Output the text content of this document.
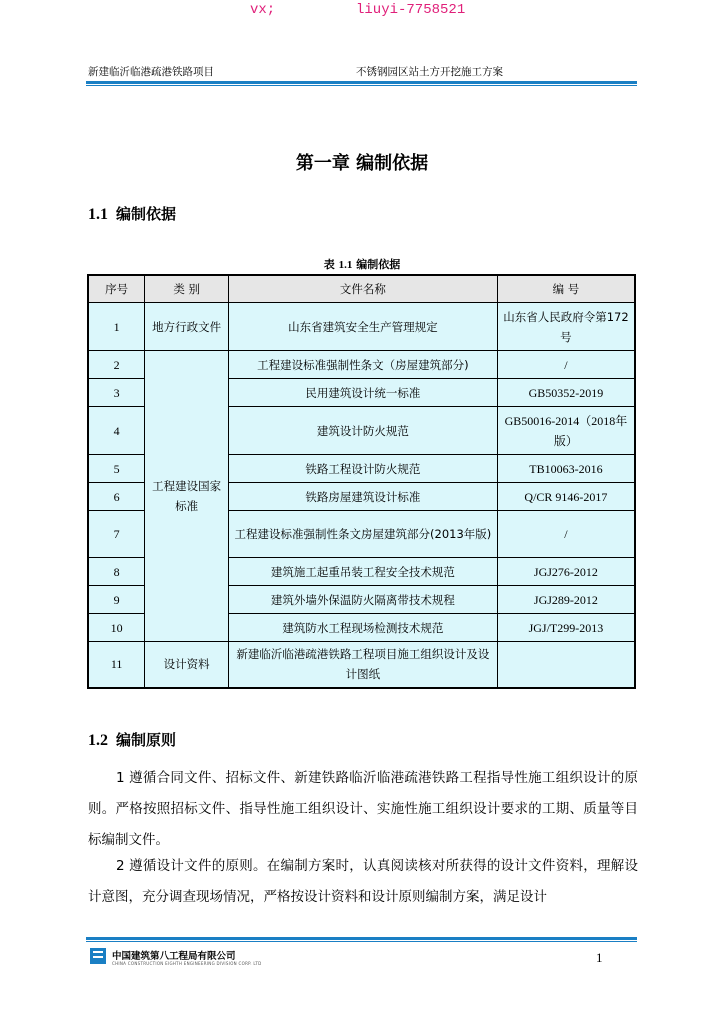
vx;	liuyi-7758521
新建临沂临港疏港铁路项目	不锈钢园区站土方开挖施工方案
第一章 编制依据
1.1 编制依据
表 1.1 编制依据
序号	类 别	文件名称	编 号
1	地方行政文件	山东省建筑安全生产管理规定	山东省人民政府令第172号
2	工程建设国家标准	工程建设标准强制性条文（房屋建筑部分)	/
3		民用建筑设计统一标准	GB50352-2019
4		建筑设计防火规范	GB50016-2014（2018年版）
5		铁路工程设计防火规范	TB10063-2016
6		铁路房屋建筑设计标准	Q/CR 9146-2017
7		工程建设标准强制性条文房屋建筑部分(2013年版)	/
8		建筑施工起重吊装工程安全技术规范	JGJ276-2012
9		建筑外墙外保温防火隔离带技术规程	JGJ289-2012
10		建筑防水工程现场检测技术规范	JGJ/T299-2013
11	设计资料	新建临沂临港疏港铁路工程项目施工组织设计及设计图纸	
1.2 编制原则
1 遵循合同文件、招标文件、新建铁路临沂临港疏港铁路工程指导性施工组织设计的原则。严格按照招标文件、指导性施工组织设计、实施性施工组织设计要求的工期、质量等目标编制文件。
2 遵循设计文件的原则。在编制方案时，认真阅读核对所获得的设计文件资料，理解设计意图，充分调查现场情况，严格按设计资料和设计原则编制方案，满足设计
中国建筑第八工程局有限公司
CHINA CONSTRUCTION EIGHTH ENGINEERING DIVISION CORP. LTD	1
